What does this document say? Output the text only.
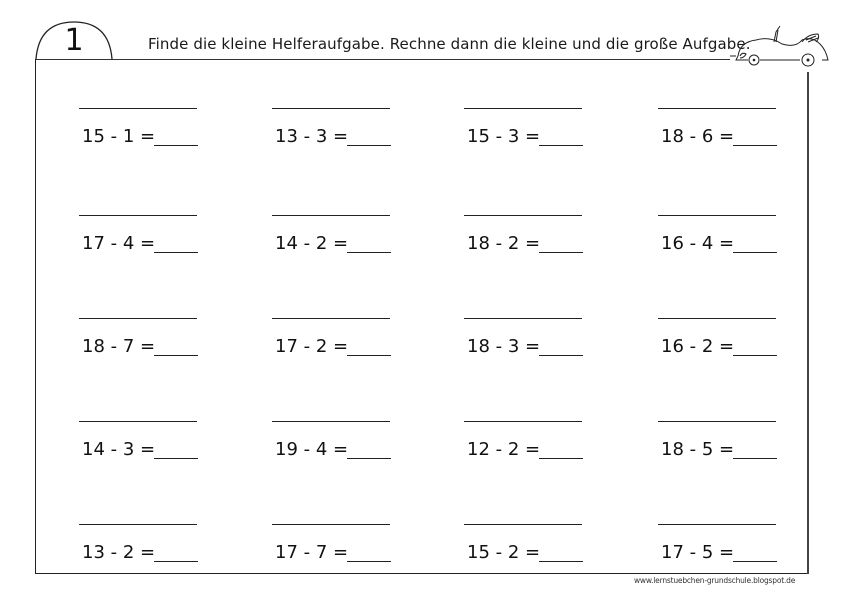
1	Finde die kleine Helferaufgabe. Rechne dann die kleine und die große Aufgabe.
15 - 1 =	13 - 3 =	15 - 3 =	18 - 6 =
17 - 4 =	14 - 2 =	18 - 2 =	16 - 4 =
18 - 7 =	17 - 2 =	18 - 3 =	16 - 2 =
14 - 3 =	19 - 4 =	12 - 2 =	18 - 5 =
13 - 2 =	17 - 7 =	15 - 2 =	17 - 5 =
www.lernstuebchen-grundschule.blogspot.de
